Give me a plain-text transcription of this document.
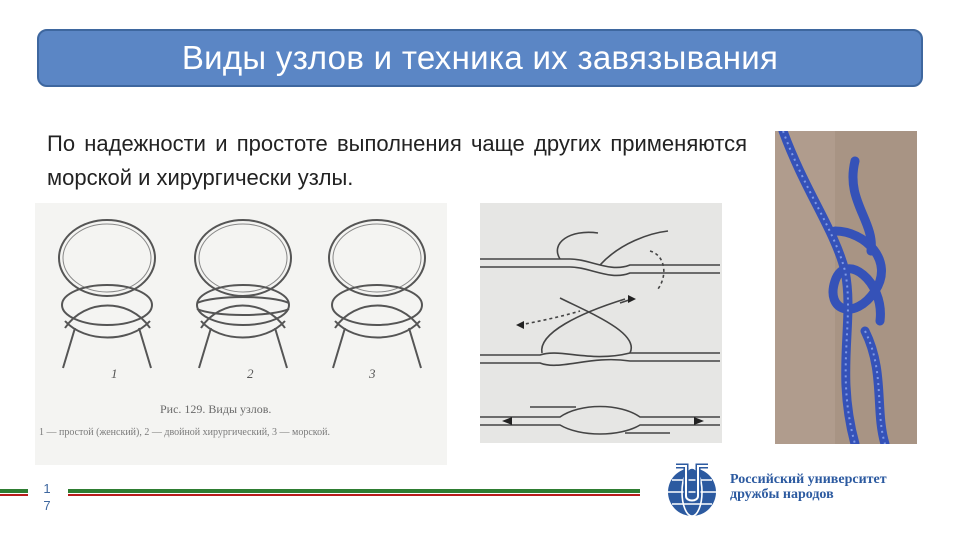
Виды узлов и техника их завязывания
По надежности и простоте выполнения чаще других применяются морской и хирургически узлы.
1	2	3
Рис. 129. Виды узлов.
1 — простой (женский), 2 — двойной хирургический, 3 — морской.
1
7
Российский университет
дружбы народов
